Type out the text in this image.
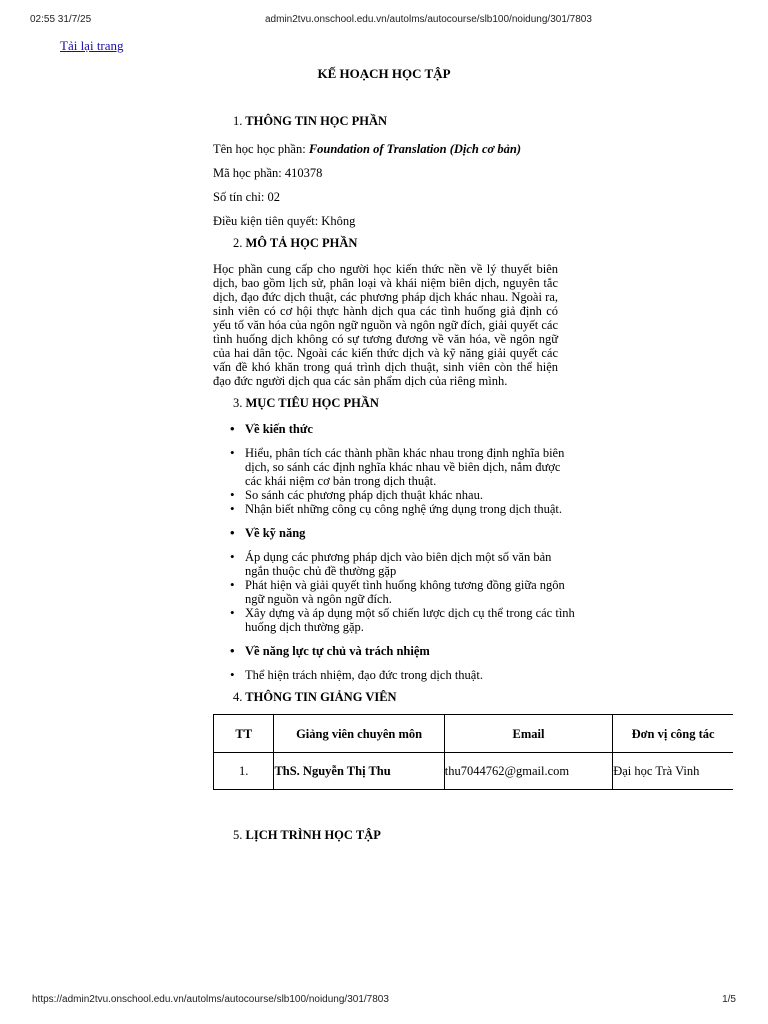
02:55 31/7/25	admin2tvu.onschool.edu.vn/autolms/autocourse/slb100/noidung/301/7803
Tải lại trang
KẾ HOẠCH HỌC TẬP
1. THÔNG TIN HỌC PHẦN

Tên học học phần: Foundation of Translation (Dịch cơ bản)

Mã học phần: 410378

Số tín chỉ: 02

Điều kiện tiên quyết: Không

2. MÔ TẢ HỌC PHẦN

Học phần cung cấp cho người học kiến thức nền về lý thuyết biên dịch, bao gồm lịch sử, phân loại và khái niệm biên dịch, nguyên tắc dịch, đạo đức dịch thuật, các phương pháp dịch khác nhau. Ngoài ra, sinh viên có cơ hội thực hành dịch qua các tình huống giả định có yếu tố văn hóa của ngôn ngữ nguồn và ngôn ngữ đích, giải quyết các tình huống dịch không có sự tương đương về văn hóa, về ngôn ngữ của hai dân tộc. Ngoài các kiến thức dịch và kỹ năng giải quyết các vấn đề khó khăn trong quá trình dịch thuật, sinh viên còn thể hiện đạo đức người dịch qua các sản phẩm dịch của riêng mình.

3. MỤC TIÊU HỌC PHẦN
• Về kiến thức
• Hiểu, phân tích các thành phần khác nhau trong định nghĩa biên dịch, so sánh các định nghĩa khác nhau về biên dịch, nắm được các khái niệm cơ bản trong dịch thuật.
• So sánh các phương pháp dịch thuật khác nhau.
• Nhận biết những công cụ công nghệ ứng dụng trong dịch thuật.
• Về kỹ năng
• Áp dụng các phương pháp dịch vào biên dịch một số văn bản ngắn thuộc chủ đề thường gặp
• Phát hiện và giải quyết tình huống không tương đồng giữa ngôn ngữ nguồn và ngôn ngữ đích.
• Xây dựng và áp dụng một số chiến lược dịch cụ thể trong các tình huống dịch thường gặp.
• Về năng lực tự chủ và trách nhiệm
• Thể hiện trách nhiệm, đạo đức trong dịch thuật.
4. THÔNG TIN GIẢNG VIÊN
TT	Giảng viên chuyên môn	Email	Đơn vị công tác
1.	ThS. Nguyễn Thị Thu	thu7044762@gmail.com	Đại học Trà Vinh
5. LỊCH TRÌNH HỌC TẬP
https://admin2tvu.onschool.edu.vn/autolms/autocourse/slb100/noidung/301/7803	1/5
